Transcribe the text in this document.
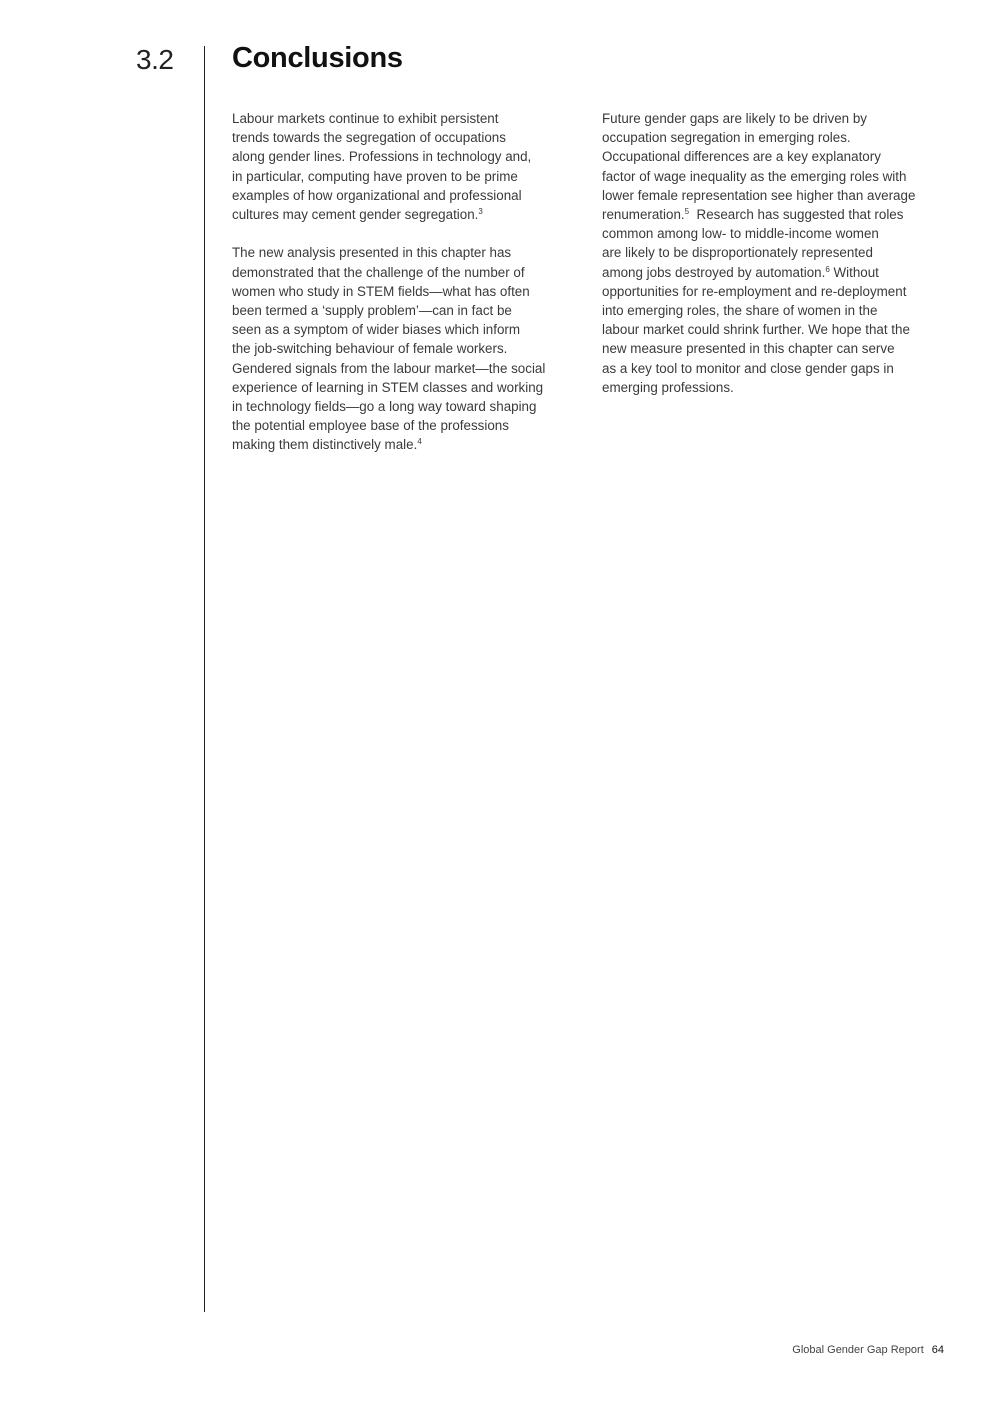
3.2 Conclusions

Labour markets continue to exhibit persistent
trends towards the segregation of occupations
along gender lines. Professions in technology and,
in particular, computing have proven to be prime
examples of how organizational and professional
cultures may cement gender segregation.$^3$

The new analysis presented in this chapter has
demonstrated that the challenge of the number of
women who study in STEM fields—what has often
been termed a ‘supply problem’—can in fact be
seen as a symptom of wider biases which inform
the job-switching behaviour of female workers.
Gendered signals from the labour market—the social
experience of learning in STEM classes and working
in technology fields—go a long way toward shaping
the potential employee base of the professions
making them distinctively male.$^4$

Future gender gaps are likely to be driven by
occupation segregation in emerging roles.
Occupational differences are a key explanatory
factor of wage inequality as the emerging roles with
lower female representation see higher than average
renumeration.$^5$  Research has suggested that roles
common among low- to middle-income women
are likely to be disproportionately represented
among jobs destroyed by automation.$^6$ Without
opportunities for re-employment and re-deployment
into emerging roles, the share of women in the
labour market could shrink further. We hope that the
new measure presented in this chapter can serve
as a key tool to monitor and close gender gaps in
emerging professions.

Global Gender Gap Report 64
